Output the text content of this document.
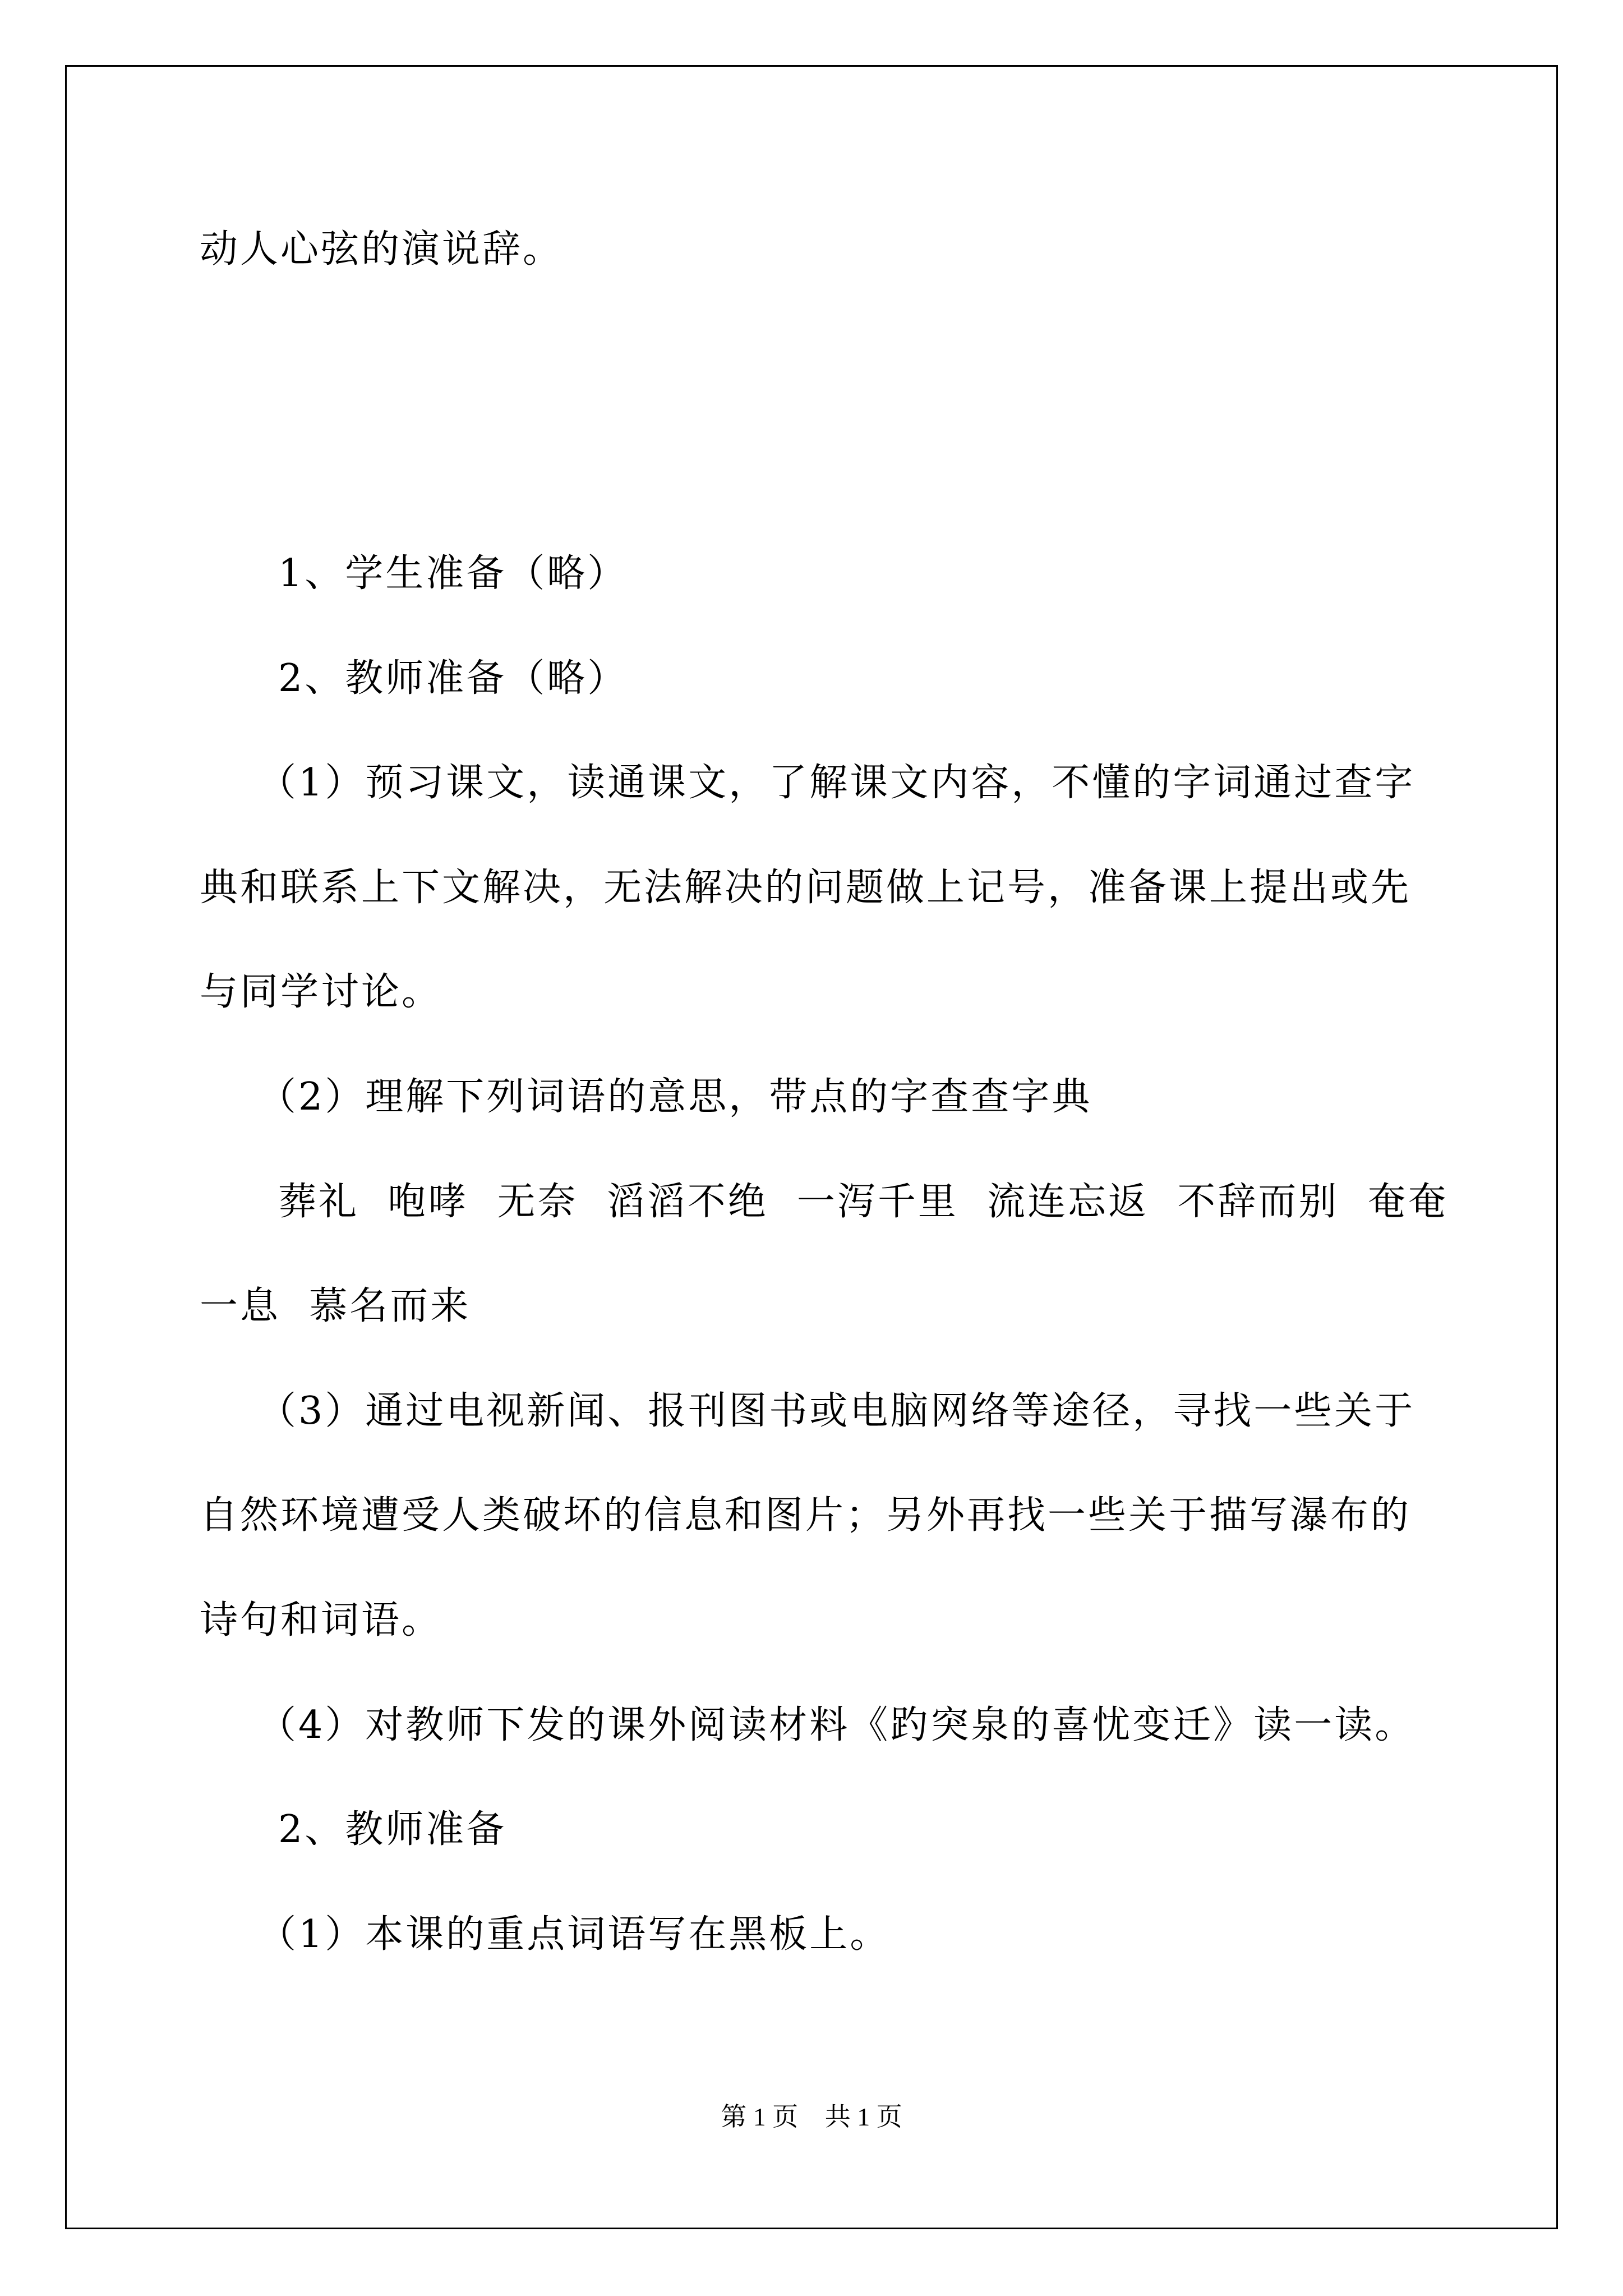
动人心弦的演说辞。
1、学生准备（略）
2、教师准备（略）
（1）预习课文，读通课文，了解课文内容，不懂的字词通过查字
典和联系上下文解决，无法解决的问题做上记号，准备课上提出或先
与同学讨论。
（2）理解下列词语的意思，带点的字查查字典
葬礼  咆哮  无奈  滔滔不绝  一泻千里  流连忘返  不辞而别  奄奄
一息  慕名而来
（3）通过电视新闻、报刊图书或电脑网络等途径，寻找一些关于
自然环境遭受人类破坏的信息和图片；另外再找一些关于描写瀑布的
诗句和词语。
（4）对教师下发的课外阅读材料《趵突泉的喜忧变迁》读一读。
2、教师准备
（1）本课的重点词语写在黑板上。
第 1 页 共 1 页
